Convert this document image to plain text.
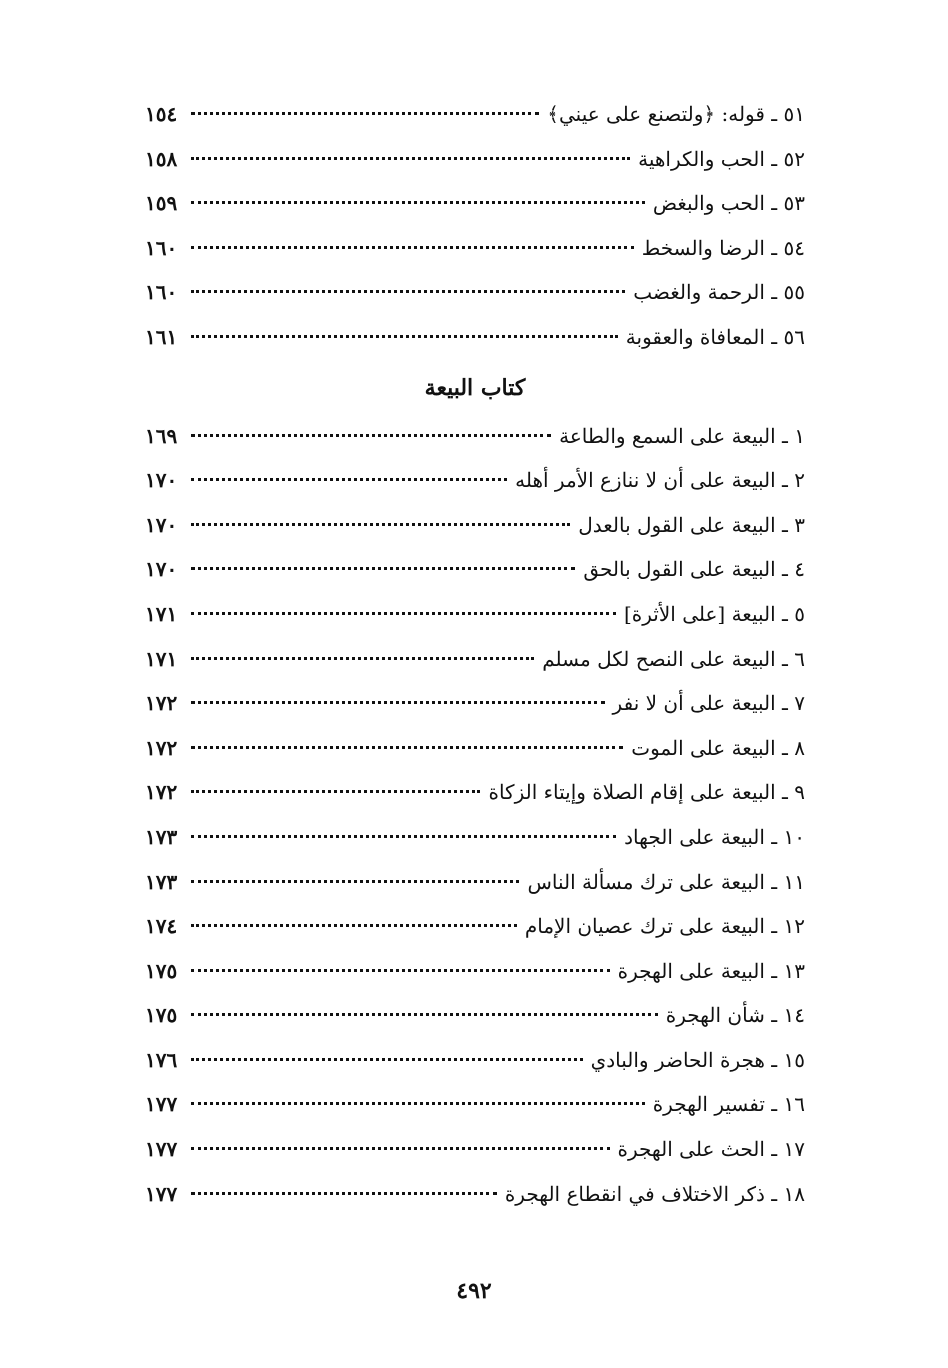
٥١ ـ قوله: ﴿ولتصنع على عيني﴾
١٥٤
٥٢ ـ الحب والكراهية
١٥٨
٥٣ ـ الحب والبغض
١٥٩
٥٤ ـ الرضا والسخط
١٦٠
٥٥ ـ الرحمة والغضب
١٦٠
٥٦ ـ المعافاة والعقوبة
١٦١
كتاب البيعة
١ ـ البيعة على السمع والطاعة
١٦٩
٢ ـ البيعة على أن لا ننازع الأمر أهله
١٧٠
٣ ـ البيعة على القول بالعدل
١٧٠
٤ ـ البيعة على القول بالحق
١٧٠
٥ ـ البيعة [على الأثرة]
١٧١
٦ ـ البيعة على النصح لكل مسلم
١٧١
٧ ـ البيعة على أن لا نفر
١٧٢
٨ ـ البيعة على الموت
١٧٢
٩ ـ البيعة على إقام الصلاة وإيتاء الزكاة
١٧٢
١٠ ـ البيعة على الجهاد
١٧٣
١١ ـ البيعة على ترك مسألة الناس
١٧٣
١٢ ـ البيعة على ترك عصيان الإمام
١٧٤
١٣ ـ البيعة على الهجرة
١٧٥
١٤ ـ شأن الهجرة
١٧٥
١٥ ـ هجرة الحاضر والبادي
١٧٦
١٦ ـ تفسير الهجرة
١٧٧
١٧ ـ الحث على الهجرة
١٧٧
١٨ ـ ذكر الاختلاف في انقطاع الهجرة
١٧٧
٤٩٢
